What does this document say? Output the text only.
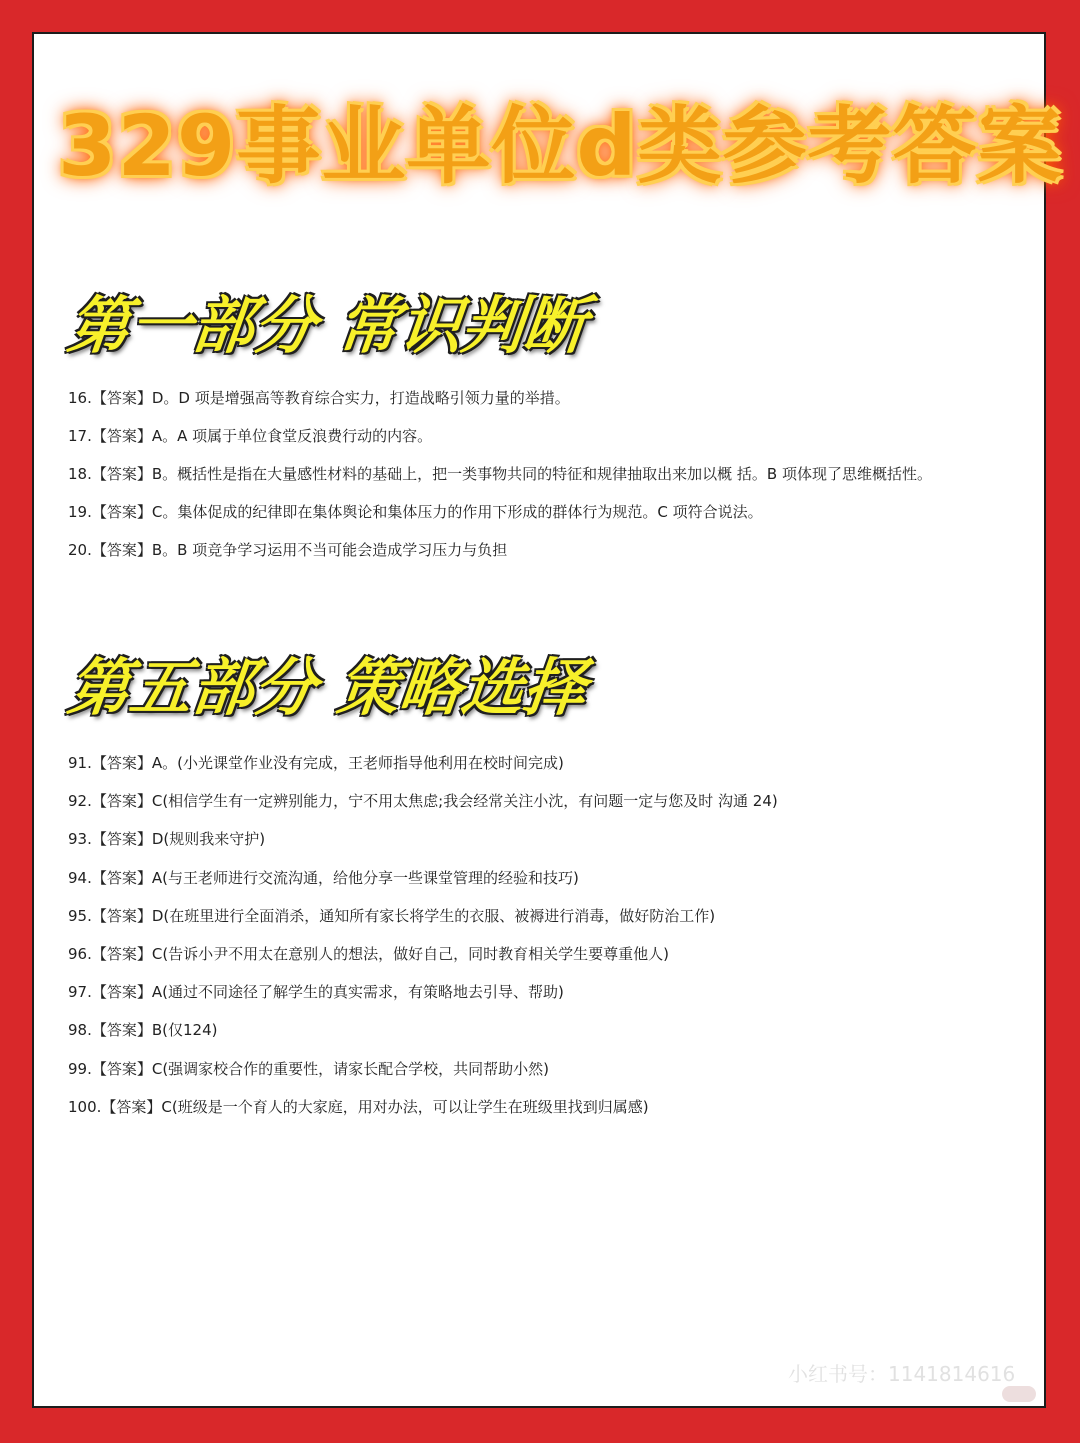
329事业单位d类参考答案
第一部分 常识判断
16.【答案】D。D 项是增强高等教育综合实力，打造战略引领力量的举措。
17.【答案】A。A 项属于单位食堂反浪费行动的内容。
18.【答案】B。概括性是指在大量感性材料的基础上，把一类事物共同的特征和规律抽取出来加以概 括。B 项体现了思维概括性。
19.【答案】C。集体促成的纪律即在集体舆论和集体压力的作用下形成的群体行为规范。C 项符合说法。
20.【答案】B。B 项竞争学习运用不当可能会造成学习压力与负担
第五部分 策略选择
91.【答案】A。(小光课堂作业没有完成，王老师指导他利用在校时间完成)
92.【答案】C(相信学生有一定辨别能力，宁不用太焦虑;我会经常关注小沈，有问题一定与您及时 沟通 24)
93.【答案】D(规则我来守护)
94.【答案】A(与王老师进行交流沟通，给他分享一些课堂管理的经验和技巧)
95.【答案】D(在班里进行全面消杀，通知所有家长将学生的衣服、被褥进行消毒，做好防治工作)
96.【答案】C(告诉小尹不用太在意别人的想法，做好自己，同时教育相关学生要尊重他人)
97.【答案】A(通过不同途径了解学生的真实需求，有策略地去引导、帮助)
98.【答案】B(仅124)
99.【答案】C(强调家校合作的重要性，请家长配合学校，共同帮助小然)
100.【答案】C(班级是一个育人的大家庭，用对办法，可以让学生在班级里找到归属感)
小红书号：1141814616
